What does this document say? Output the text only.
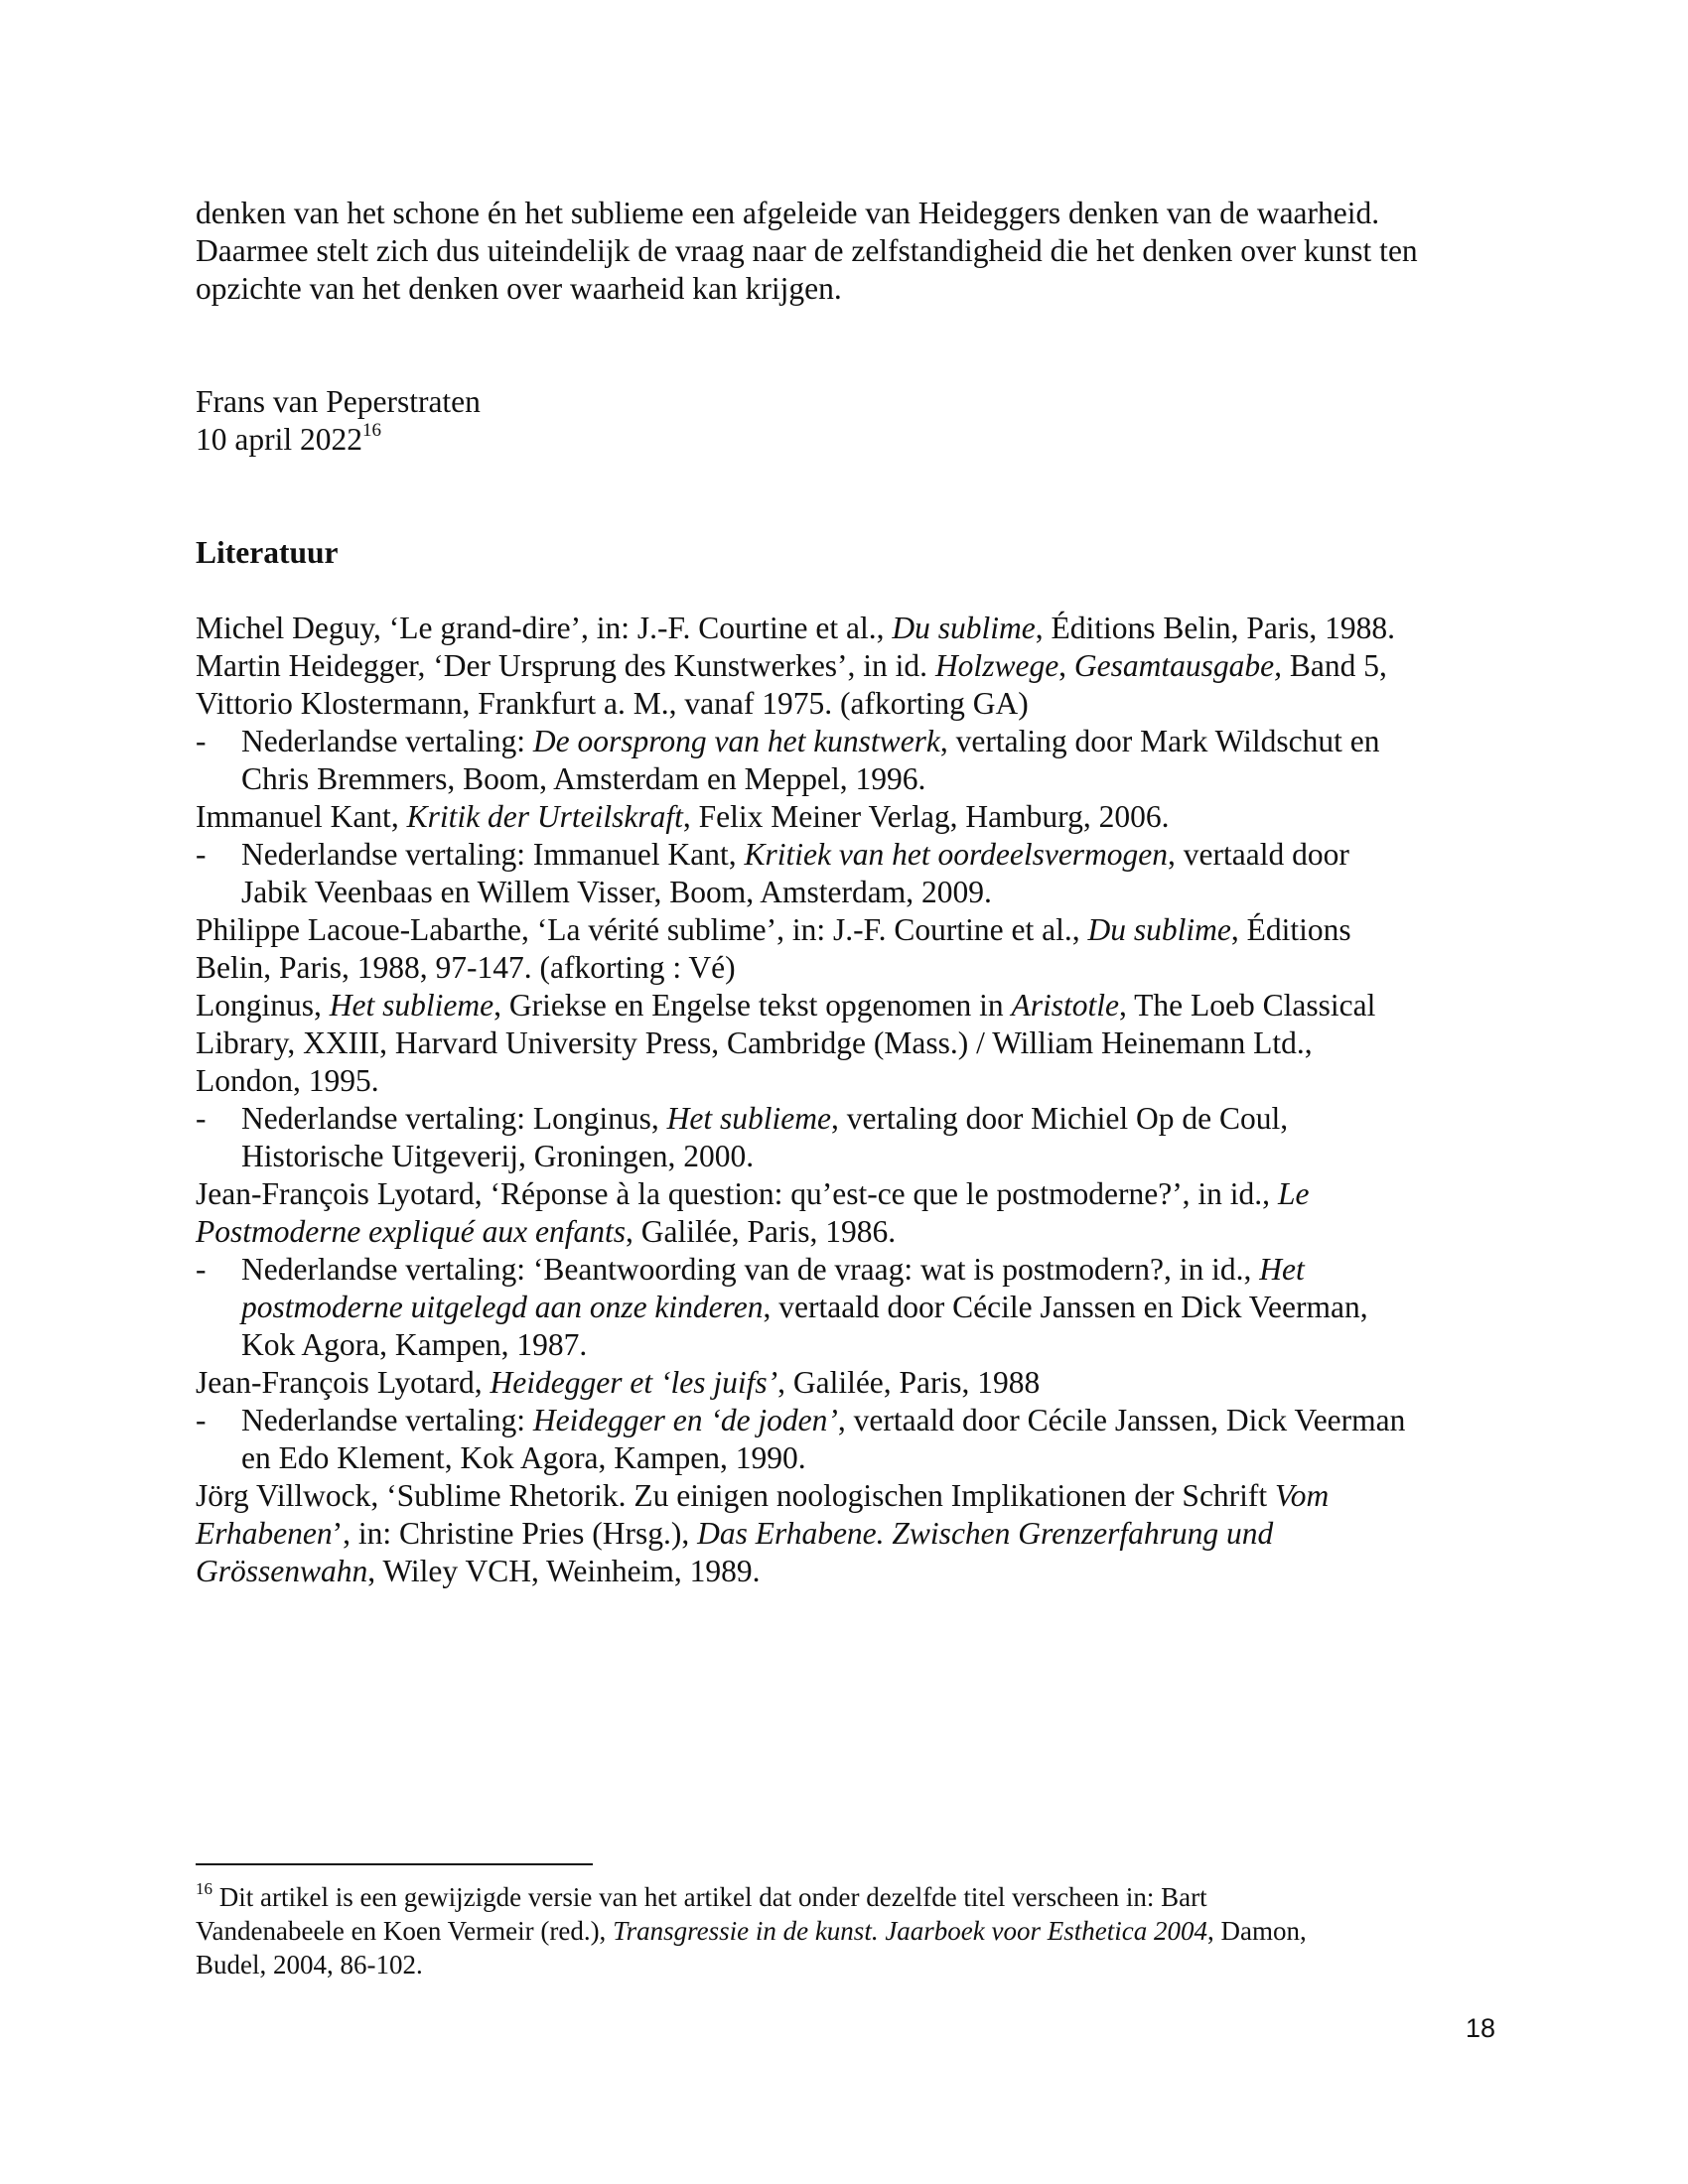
denken van het schone én het sublieme een afgeleide van Heideggers denken van de waarheid.
Daarmee stelt zich dus uiteindelijk de vraag naar de zelfstandigheid die het denken over kunst ten
opzichte van het denken over waarheid kan krijgen.
Frans van Peperstraten
10 april 2022$^{16}$
Literatuur
Michel Deguy, ‘Le grand-dire’, in: J.-F. Courtine et al., Du sublime, Éditions Belin, Paris, 1988.
Martin Heidegger, ‘Der Ursprung des Kunstwerkes’, in id. Holzwege, Gesamtausgabe, Band 5,
Vittorio Klostermann, Frankfurt a. M., vanaf 1975. (afkorting GA)
- Nederlandse vertaling: De oorsprong van het kunstwerk, vertaling door Mark Wildschut en
Chris Bremmers, Boom, Amsterdam en Meppel, 1996.
Immanuel Kant, Kritik der Urteilskraft, Felix Meiner Verlag, Hamburg, 2006.
- Nederlandse vertaling: Immanuel Kant, Kritiek van het oordeelsvermogen, vertaald door
Jabik Veenbaas en Willem Visser, Boom, Amsterdam, 2009.
Philippe Lacoue-Labarthe, ‘La vérité sublime’, in: J.-F. Courtine et al., Du sublime, Éditions
Belin, Paris, 1988, 97-147. (afkorting : Vé)
Longinus, Het sublieme, Griekse en Engelse tekst opgenomen in Aristotle, The Loeb Classical
Library, XXIII, Harvard University Press, Cambridge (Mass.) / William Heinemann Ltd.,
London, 1995.
- Nederlandse vertaling: Longinus, Het sublieme, vertaling door Michiel Op de Coul,
Historische Uitgeverij, Groningen, 2000.
Jean-François Lyotard, ‘Réponse à la question: qu’est-ce que le postmoderne?’, in id., Le
Postmoderne expliqué aux enfants, Galilée, Paris, 1986.
- Nederlandse vertaling: ‘Beantwoording van de vraag: wat is postmodern?, in id., Het
postmoderne uitgelegd aan onze kinderen, vertaald door Cécile Janssen en Dick Veerman,
Kok Agora, Kampen, 1987.
Jean-François Lyotard, Heidegger et ‘les juifs’, Galilée, Paris, 1988
- Nederlandse vertaling: Heidegger en ‘de joden’, vertaald door Cécile Janssen, Dick Veerman
en Edo Klement, Kok Agora, Kampen, 1990.
Jörg Villwock, ‘Sublime Rhetorik. Zu einigen noologischen Implikationen der Schrift Vom
Erhabenen’, in: Christine Pries (Hrsg.), Das Erhabene. Zwischen Grenzerfahrung und
Grössenwahn, Wiley VCH, Weinheim, 1989.
$^{16}$ Dit artikel is een gewijzigde versie van het artikel dat onder dezelfde titel verscheen in: Bart
Vandenabeele en Koen Vermeir (red.), Transgressie in de kunst. Jaarboek voor Esthetica 2004, Damon,
Budel, 2004, 86-102.
18
